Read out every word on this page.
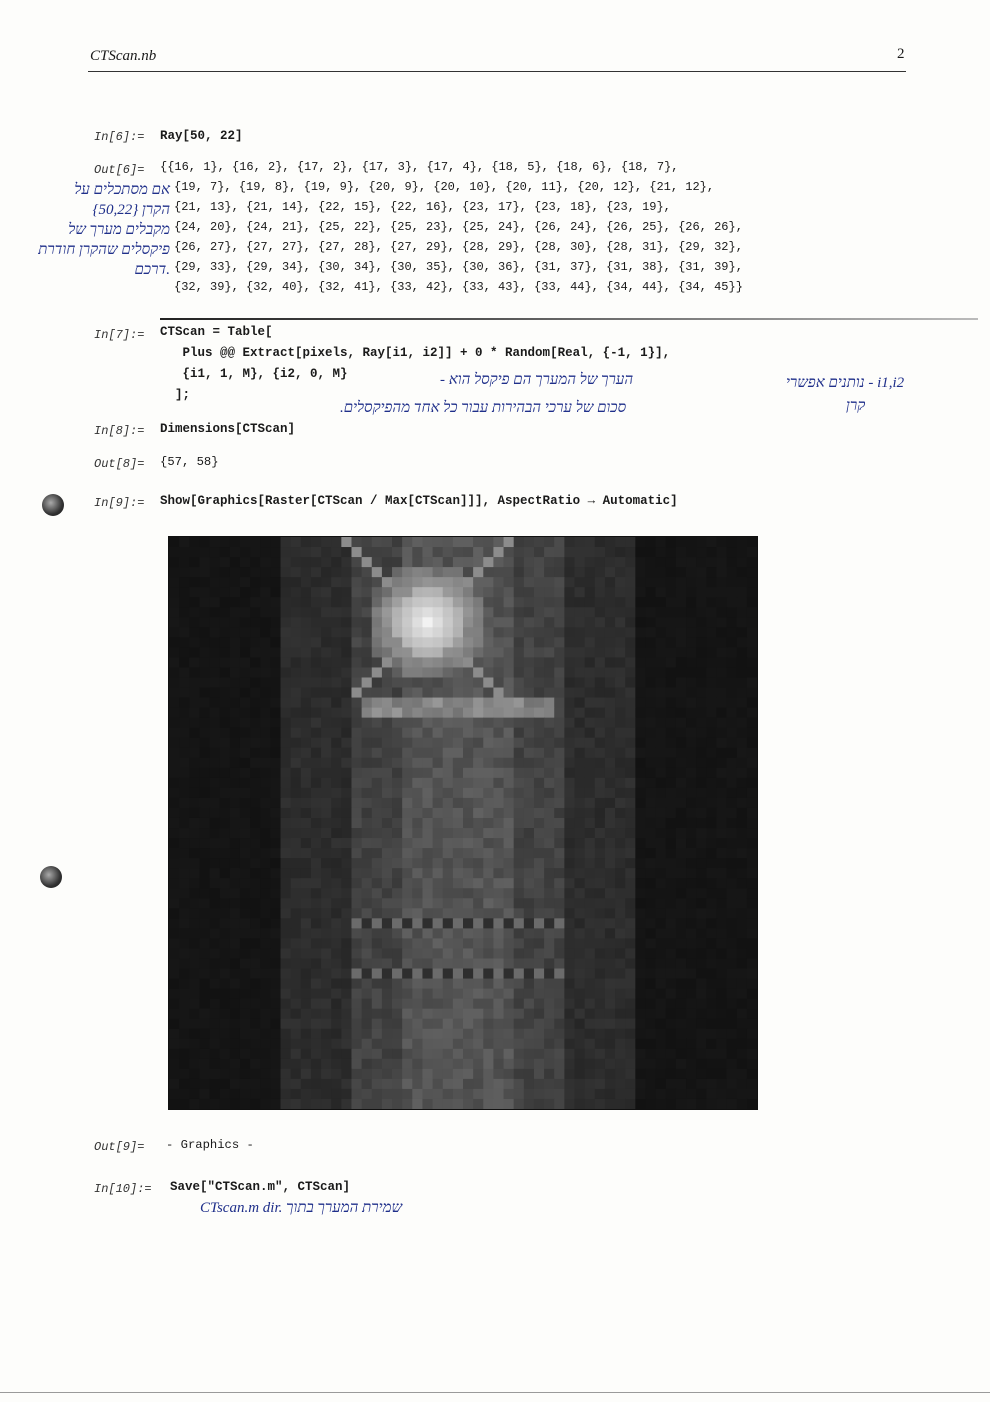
CTScan.nb	2
In[6]:= Ray[50, 22]
Out[6]= {{16, 1}, {16, 2}, {17, 2}, {17, 3}, {17, 4}, {18, 5}, {18, 6}, {18, 7},
{19, 7}, {19, 8}, {19, 9}, {20, 9}, {20, 10}, {20, 11}, {20, 12}, {21, 12},
{21, 13}, {21, 14}, {22, 15}, {22, 16}, {23, 17}, {23, 18}, {23, 19},
{24, 20}, {24, 21}, {25, 22}, {25, 23}, {25, 24}, {26, 24}, {26, 25}, {26, 26},
{26, 27}, {27, 27}, {27, 28}, {27, 29}, {28, 29}, {28, 30}, {28, 31}, {29, 32},
{29, 33}, {29, 34}, {30, 34}, {30, 35}, {30, 36}, {31, 37}, {31, 38}, {31, 39},
{32, 39}, {32, 40}, {32, 41}, {33, 42}, {33, 43}, {33, 44}, {34, 44}, {34, 45}}
אם מסתכלים על
הקרן {50,22}
מקבלים מערך של
פיקסלים שהקרן חודרת
דרכם.
In[7]:= CTScan = Table[
Plus @@ Extract[pixels, Ray[i1, i2]] + 0 * Random[Real, {-1, 1}],
{i1, 1, M}, {i2, 0, M}
];
הערך של המערך הם פיקסל הוא -
סכום של ערכי הבהירות עבור כל אחד מהפיקסלים.
i1,i2 - נותנים אפשרי
קרן
In[8]:= Dimensions[CTScan]
Out[8]= {57, 58}
In[9]:= Show[Graphics[Raster[CTScan / Max[CTScan]]], AspectRatio → Automatic]

Out[9]= - Graphics -
In[10]:= Save["CTScan.m", CTScan]
CTscan.m dir. שמירת המערך בתוך
